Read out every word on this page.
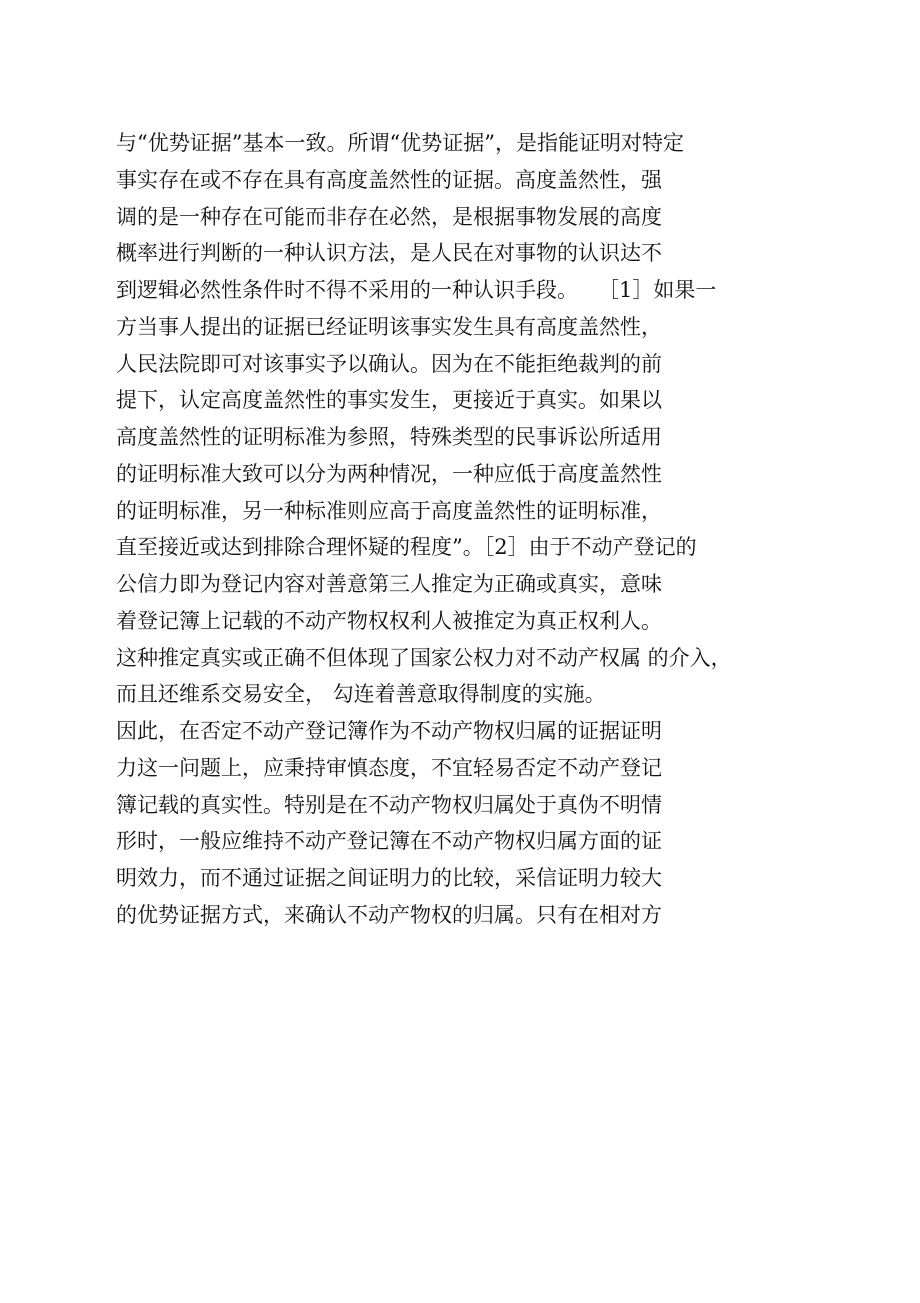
与“优势证据”基本一致。所谓“优势证据”，是指能证明对特定
事实存在或不存在具有高度盖然性的证据。高度盖然性，强
调的是一种存在可能而非存在必然，是根据事物发展的高度
概率进行判断的一种认识方法，是人民在对事物的认识达不
到逻辑必然性条件时不得不采用的一种认识手段。   ［1］如果一
方当事人提出的证据已经证明该事实发生具有高度盖然性，
人民法院即可对该事实予以确认。因为在不能拒绝裁判的前
提下，认定高度盖然性的事实发生，更接近于真实。如果以
高度盖然性的证明标准为参照，特殊类型的民事诉讼所适用
的证明标准大致可以分为两种情况，一种应低于高度盖然性
的证明标准，另一种标准则应高于高度盖然性的证明标准，
直至接近或达到排除合理怀疑的程度”。［2］由于不动产登记的
公信力即为登记内容对善意第三人推定为正确或真实，意味
着登记簿上记载的不动产物权权利人被推定为真正权利人。
这种推定真实或正确不但体现了国家公权力对不动产权属 的介入，
而且还维系交易安全， 勾连着善意取得制度的实施。
因此，在否定不动产登记簿作为不动产物权归属的证据证明
力这一问题上，应秉持审慎态度，不宜轻易否定不动产登记
簿记载的真实性。特别是在不动产物权归属处于真伪不明情
形时，一般应维持不动产登记簿在不动产物权归属方面的证
明效力，而不通过证据之间证明力的比较，采信证明力较大
的优势证据方式，来确认不动产物权的归属。只有在相对方
